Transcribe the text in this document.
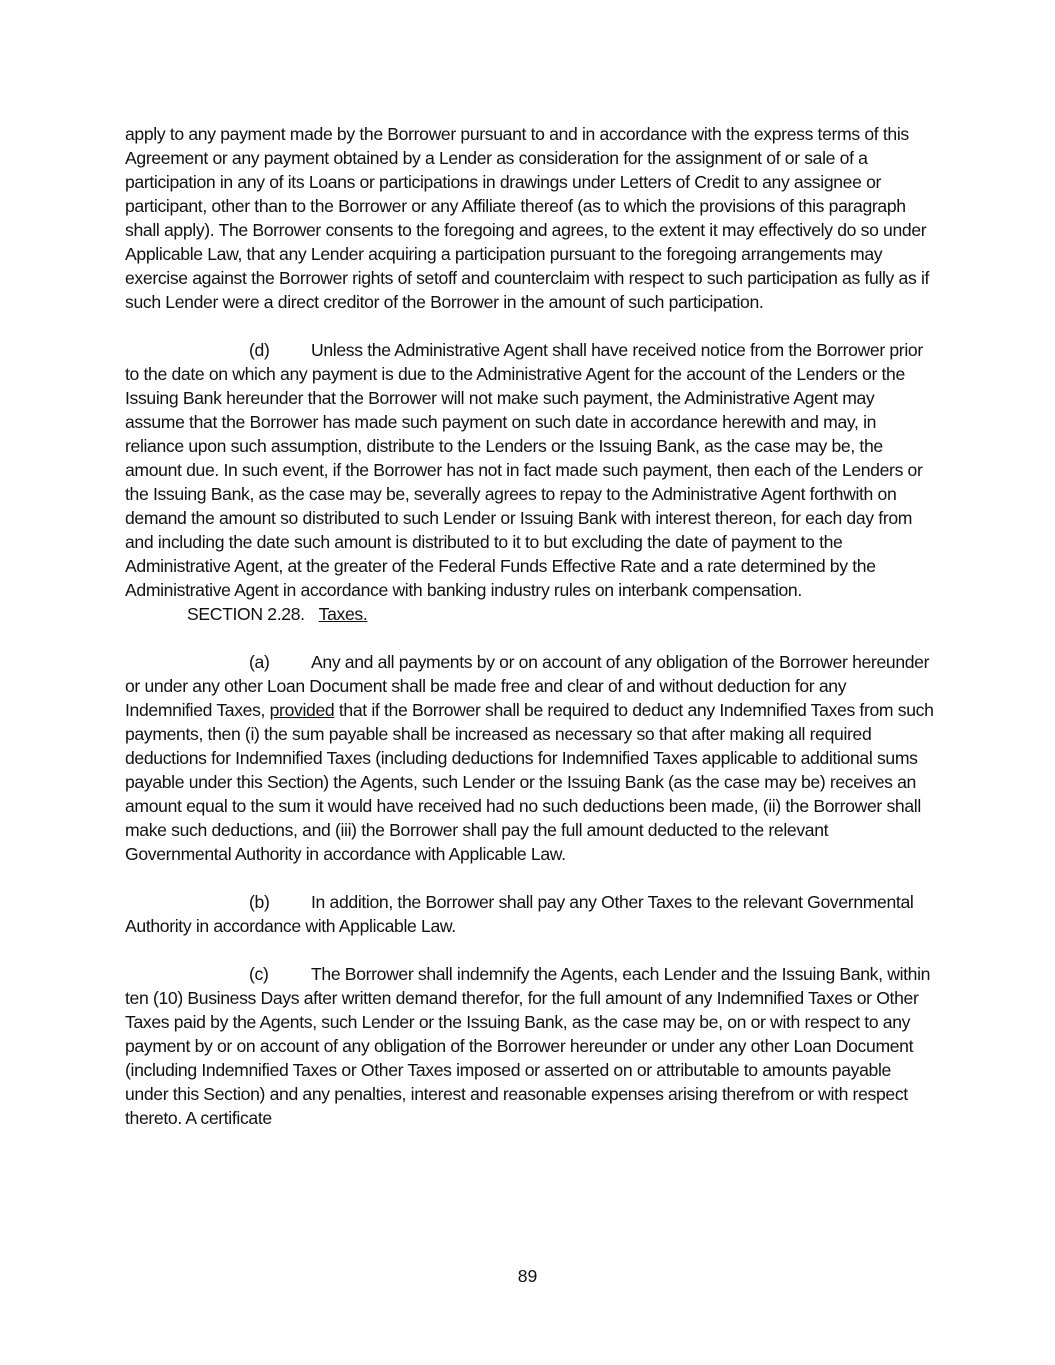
apply to any payment made by the Borrower pursuant to and in accordance with the express terms of this Agreement or any payment obtained by a Lender as consideration for the assignment of or sale of a participation in any of its Loans or participations in drawings under Letters of Credit to any assignee or participant, other than to the Borrower or any Affiliate thereof (as to which the provisions of this paragraph shall apply). The Borrower consents to the foregoing and agrees, to the extent it may effectively do so under Applicable Law, that any Lender acquiring a participation pursuant to the foregoing arrangements may exercise against the Borrower rights of setoff and counterclaim with respect to such participation as fully as if such Lender were a direct creditor of the Borrower in the amount of such participation.

(d) Unless the Administrative Agent shall have received notice from the Borrower prior to the date on which any payment is due to the Administrative Agent for the account of the Lenders or the Issuing Bank hereunder that the Borrower will not make such payment, the Administrative Agent may assume that the Borrower has made such payment on such date in accordance herewith and may, in reliance upon such assumption, distribute to the Lenders or the Issuing Bank, as the case may be, the amount due. In such event, if the Borrower has not in fact made such payment, then each of the Lenders or the Issuing Bank, as the case may be, severally agrees to repay to the Administrative Agent forthwith on demand the amount so distributed to such Lender or Issuing Bank with interest thereon, for each day from and including the date such amount is distributed to it to but excluding the date of payment to the Administrative Agent, at the greater of the Federal Funds Effective Rate and a rate determined by the Administrative Agent in accordance with banking industry rules on interbank compensation.

SECTION 2.28. Taxes.

(a) Any and all payments by or on account of any obligation of the Borrower hereunder or under any other Loan Document shall be made free and clear of and without deduction for any Indemnified Taxes, provided that if the Borrower shall be required to deduct any Indemnified Taxes from such payments, then (i) the sum payable shall be increased as necessary so that after making all required deductions for Indemnified Taxes (including deductions for Indemnified Taxes applicable to additional sums payable under this Section) the Agents, such Lender or the Issuing Bank (as the case may be) receives an amount equal to the sum it would have received had no such deductions been made, (ii) the Borrower shall make such deductions, and (iii) the Borrower shall pay the full amount deducted to the relevant Governmental Authority in accordance with Applicable Law.

(b) In addition, the Borrower shall pay any Other Taxes to the relevant Governmental Authority in accordance with Applicable Law.

(c) The Borrower shall indemnify the Agents, each Lender and the Issuing Bank, within ten (10) Business Days after written demand therefor, for the full amount of any Indemnified Taxes or Other Taxes paid by the Agents, such Lender or the Issuing Bank, as the case may be, on or with respect to any payment by or on account of any obligation of the Borrower hereunder or under any other Loan Document (including Indemnified Taxes or Other Taxes imposed or asserted on or attributable to amounts payable under this Section) and any penalties, interest and reasonable expenses arising therefrom or with respect thereto. A certificate

89
